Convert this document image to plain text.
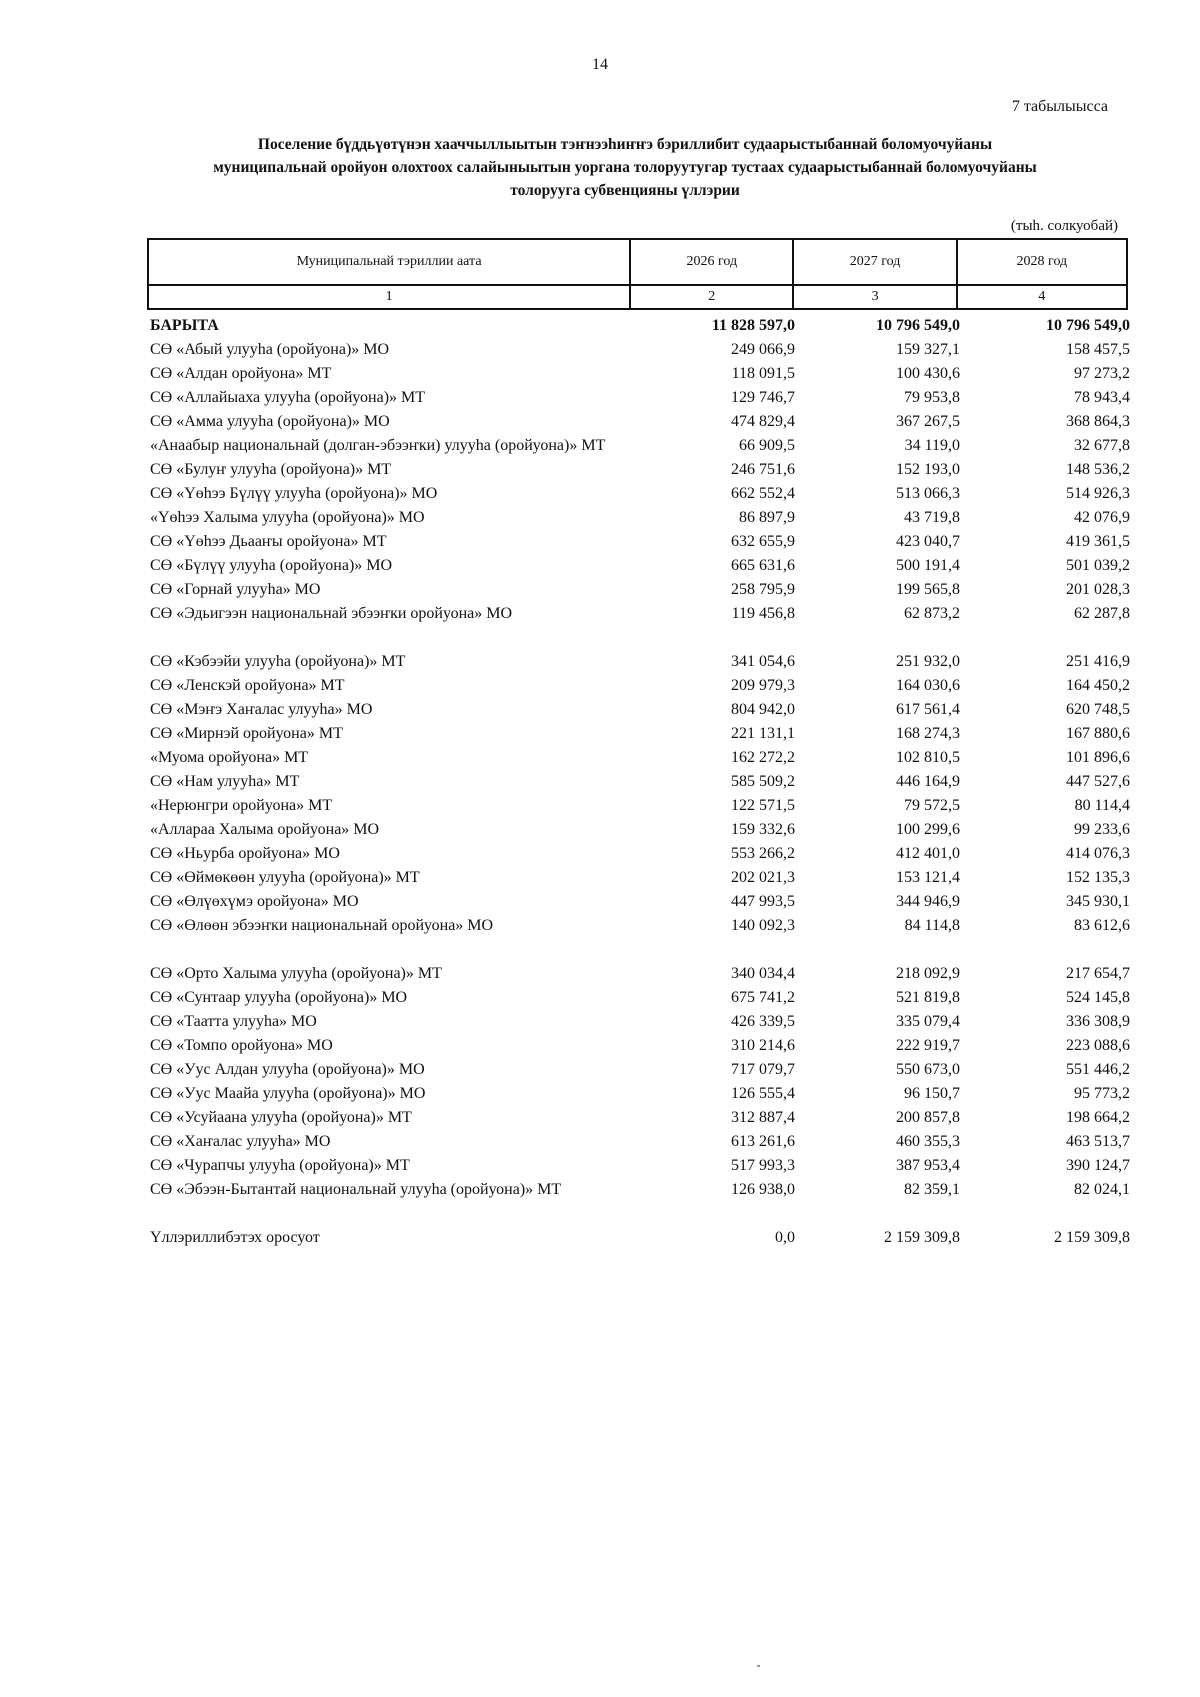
14
7 табылыысса
Поселение бүддьүөтүнэн хааччыллыытын тэҥнээһиҥҥэ бэриллибит судаарыстыбаннай боломуочуйаны
муниципальнай оройуон олохтоох салайыныытын уоргана толоруутугар тустаах судаарыстыбаннай боломуочуйаны
толорууга субвенцияны үллэрии
(тыһ. солкуобай)
Муниципальнай тэриллии аата	2026 год	2027 год	2028 год
1	2	3	4
БАРЫТА	11 828 597,0	10 796 549,0	10 796 549,0
СӨ «Абый улууһа (оройуона)» МО	249 066,9	159 327,1	158 457,5
СӨ «Алдан оройуона» МТ	118 091,5	100 430,6	97 273,2
СӨ «Аллайыаха улууһа (оройуона)» МТ	129 746,7	79 953,8	78 943,4
СӨ «Амма улууһа (оройуона)» МО	474 829,4	367 267,5	368 864,3
«Анаабыр национальнай (долган-эбээҥки) улууһа (оройуона)» МТ	66 909,5	34 119,0	32 677,8
СӨ «Булуҥ улууһа (оройуона)» МТ	246 751,6	152 193,0	148 536,2
СӨ «Үөһээ Бүлүү улууһа (оройуона)» МО	662 552,4	513 066,3	514 926,3
«Үөһээ Халыма улууһа (оройуона)» МО	86 897,9	43 719,8	42 076,9
СӨ «Үөһээ Дьааҥы оройуона» МТ	632 655,9	423 040,7	419 361,5
СӨ «Бүлүү улууһа (оройуона)» МО	665 631,6	500 191,4	501 039,2
СӨ «Горнай улууһа» МО	258 795,9	199 565,8	201 028,3
СӨ «Эдьигээн национальнай эбээҥки оройуона» МО	119 456,8	62 873,2	62 287,8
СӨ «Кэбээйи улууһа (оройуона)» МТ	341 054,6	251 932,0	251 416,9
СӨ «Ленскэй оройуона» МТ	209 979,3	164 030,6	164 450,2
СӨ «Мэҥэ Хаҥалас улууһа» МО	804 942,0	617 561,4	620 748,5
СӨ «Мирнэй оройуона» МТ	221 131,1	168 274,3	167 880,6
«Муома оройуона» МТ	162 272,2	102 810,5	101 896,6
СӨ «Нам улууһа» МТ	585 509,2	446 164,9	447 527,6
«Нерюнгри оройуона» МТ	122 571,5	79 572,5	80 114,4
«Аллараа Халыма оройуона» МО	159 332,6	100 299,6	99 233,6
СӨ «Ньурба оройуона» МО	553 266,2	412 401,0	414 076,3
СӨ «Өймөкөөн улууһа (оройуона)» МТ	202 021,3	153 121,4	152 135,3
СӨ «Өлүөхүмэ оройуона» МО	447 993,5	344 946,9	345 930,1
СӨ «Өлөөн эбээҥки национальнай оройуона» МО	140 092,3	84 114,8	83 612,6
СӨ «Орто Халыма улууһа (оройуона)» МТ	340 034,4	218 092,9	217 654,7
СӨ «Сунтаар улууһа (оройуона)» МО	675 741,2	521 819,8	524 145,8
СӨ «Таатта улууһа» МО	426 339,5	335 079,4	336 308,9
СӨ «Томпо оройуона» МО	310 214,6	222 919,7	223 088,6
СӨ «Уус Алдан улууһа (оройуона)» МО	717 079,7	550 673,0	551 446,2
СӨ «Уус Маайа улууһа (оройуона)» МО	126 555,4	96 150,7	95 773,2
СӨ «Усуйаана улууһа (оройуона)» МТ	312 887,4	200 857,8	198 664,2
СӨ «Хаҥалас улууһа» МО	613 261,6	460 355,3	463 513,7
СӨ «Чурапчы улууһа (оройуона)» МТ	517 993,3	387 953,4	390 124,7
СӨ «Эбээн-Бытантай национальнай улууһа (оройуона)» МТ	126 938,0	82 359,1	82 024,1
Үллэриллибэтэх оросуот	0,0	2 159 309,8	2 159 309,8
